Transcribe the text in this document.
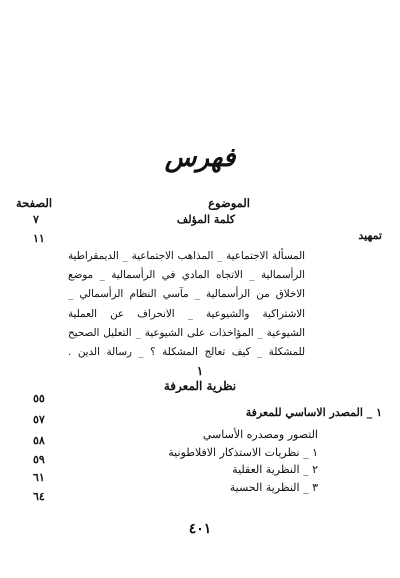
فهرس
الموضوع
الصفحة
كلمة المؤلف
٧
تمهيد
١١
المسألة الاجتماعية _ المذاهب الاجتماعية _ الديمقراطية
الرأسمالية _ الاتجاه المادي في الرأسمالية _ موضع
الاخلاق من الرأسمالية _ مآسي النظام الرأسمالي _
الاشتراكية والشيوعية _ الانحراف عن العملية
الشيوعية _ المؤاخذات على الشيوعية _ التعليل الصحيح
للمشكلة _ كيف تعالج المشكلة ؟ _ رسالة الدين .
١
نظرية المعرفة
٥٥
١ _ المصدر الاساسي للمعرفة
٥٧
التصور ومصدره الأساسي
٥٨
١ _ نظريات الاستذكار الافلاطونية
٥٩
٢ _ النظرية العقلية
٦١
٣ _ النظرية الحسية
٦٤
٤٠١
